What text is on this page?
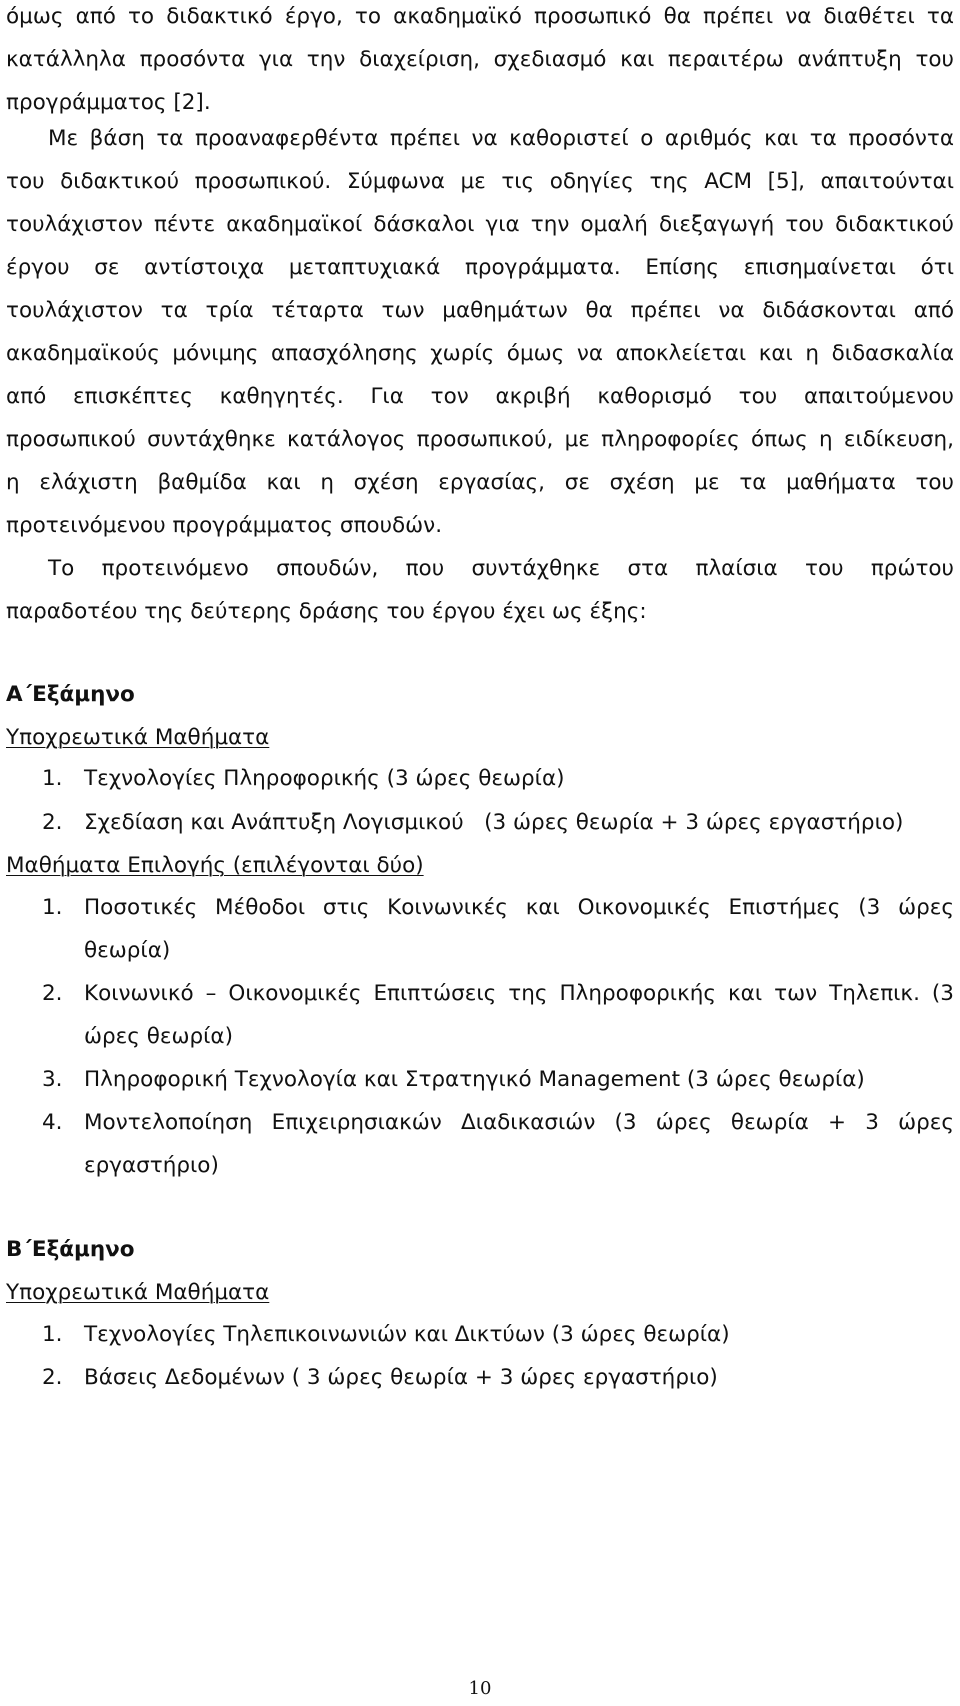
όμως από το διδακτικό έργο, το ακαδημαϊκό προσωπικό θα πρέπει να διαθέτει τα
κατάλληλα προσόντα για την διαχείριση, σχεδιασμό και περαιτέρω ανάπτυξη του
προγράμματος [2].
Με βάση τα προαναφερθέντα πρέπει να καθοριστεί ο αριθμός και τα προσόντα
του διδακτικού προσωπικού. Σύμφωνα με τις οδηγίες της ACM [5], απαιτούνται
τουλάχιστον πέντε ακαδημαϊκοί δάσκαλοι για την ομαλή διεξαγωγή του διδακτικού
έργου σε αντίστοιχα μεταπτυχιακά προγράμματα. Επίσης επισημαίνεται ότι
τουλάχιστον τα τρία τέταρτα των μαθημάτων θα πρέπει να διδάσκονται από
ακαδημαϊκούς μόνιμης απασχόλησης χωρίς όμως να αποκλείεται και η διδασκαλία
από επισκέπτες καθηγητές. Για τον ακριβή καθορισμό του απαιτούμενου
προσωπικού συντάχθηκε κατάλογος προσωπικού, με πληροφορίες όπως η ειδίκευση,
η ελάχιστη βαθμίδα και η σχέση εργασίας, σε σχέση με τα μαθήματα του
προτεινόμενου προγράμματος σπουδών.
Το προτεινόμενο σπουδών, που συντάχθηκε στα πλαίσια του πρώτου
παραδοτέου της δεύτερης δράσης του έργου έχει ως έξης:
Α΄Εξάμηνο
Υποχρεωτικά Μαθήματα
1. Τεχνολογίες Πληροφορικής (3 ώρες θεωρία)
2. Σχεδίαση και Ανάπτυξη Λογισμικού   (3 ώρες θεωρία + 3 ώρες εργαστήριο)
Μαθήματα Επιλογής (επιλέγονται δύο)
1. Ποσοτικές Μέθοδοι στις Κοινωνικές και Οικονομικές Επιστήμες (3 ώρες
θεωρία)
2. Κοινωνικό – Οικονομικές Επιπτώσεις της Πληροφορικής και των Τηλεπικ. (3
ώρες θεωρία)
3. Πληροφορική Τεχνολογία και Στρατηγικό Management (3 ώρες θεωρία)
4. Μοντελοποίηση Επιχειρησιακών Διαδικασιών (3 ώρες θεωρία + 3 ώρες
εργαστήριο)
Β΄Εξάμηνο
Υποχρεωτικά Μαθήματα
1. Τεχνολογίες Τηλεπικοινωνιών και Δικτύων (3 ώρες θεωρία)
2. Βάσεις Δεδομένων ( 3 ώρες θεωρία + 3 ώρες εργαστήριο)
10
